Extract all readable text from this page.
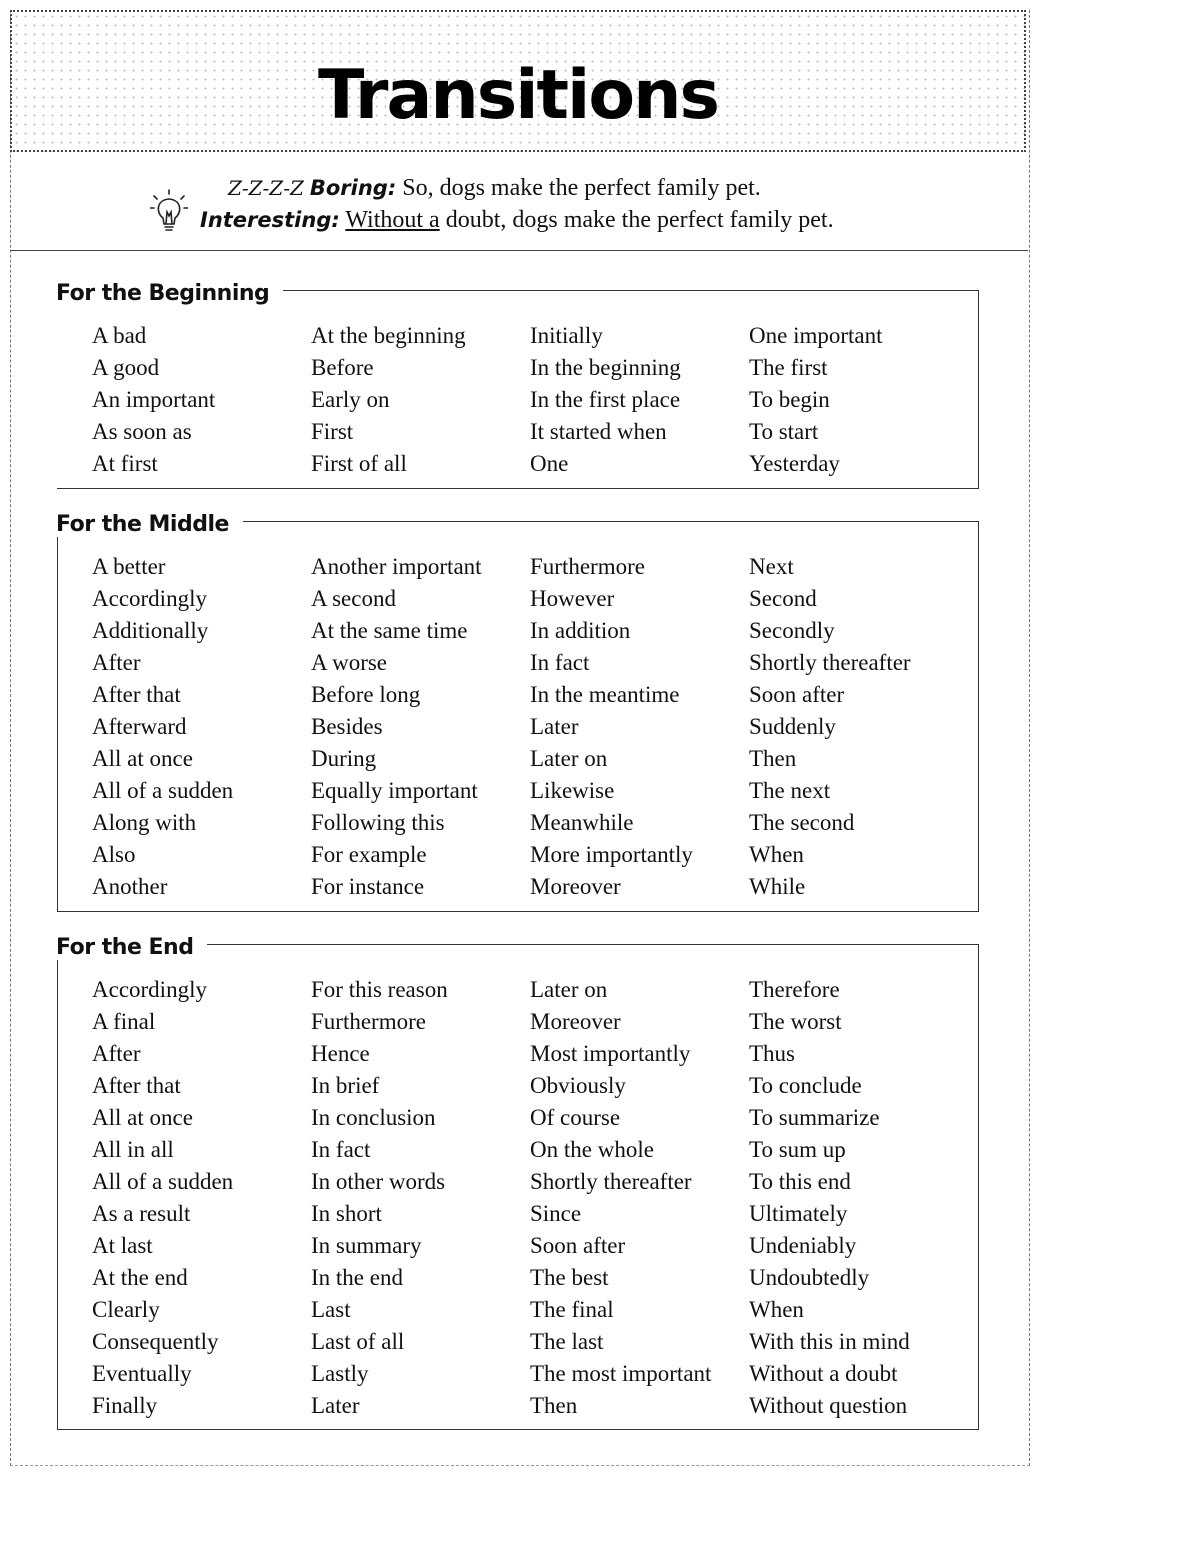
Transitions
Z-Z-Z-Z Boring: So, dogs make the perfect family pet.
Interesting: Without a doubt, dogs make the perfect family pet.
For the Beginning
A bad	At the beginning	Initially	One important
A good	Before	In the beginning	The first
An important	Early on	In the first place	To begin
As soon as	First	It started when	To start
At first	First of all	One	Yesterday
For the Middle
A better	Another important	Furthermore	Next
Accordingly	A second	However	Second
Additionally	At the same time	In addition	Secondly
After	A worse	In fact	Shortly thereafter
After that	Before long	In the meantime	Soon after
Afterward	Besides	Later	Suddenly
All at once	During	Later on	Then
All of a sudden	Equally important	Likewise	The next
Along with	Following this	Meanwhile	The second
Also	For example	More importantly	When
Another	For instance	Moreover	While
For the End
Accordingly	For this reason	Later on	Therefore
A final	Furthermore	Moreover	The worst
After	Hence	Most importantly	Thus
After that	In brief	Obviously	To conclude
All at once	In conclusion	Of course	To summarize
All in all	In fact	On the whole	To sum up
All of a sudden	In other words	Shortly thereafter	To this end
As a result	In short	Since	Ultimately
At last	In summary	Soon after	Undeniably
At the end	In the end	The best	Undoubtedly
Clearly	Last	The final	When
Consequently	Last of all	The last	With this in mind
Eventually	Lastly	The most important	Without a doubt
Finally	Later	Then	Without question
